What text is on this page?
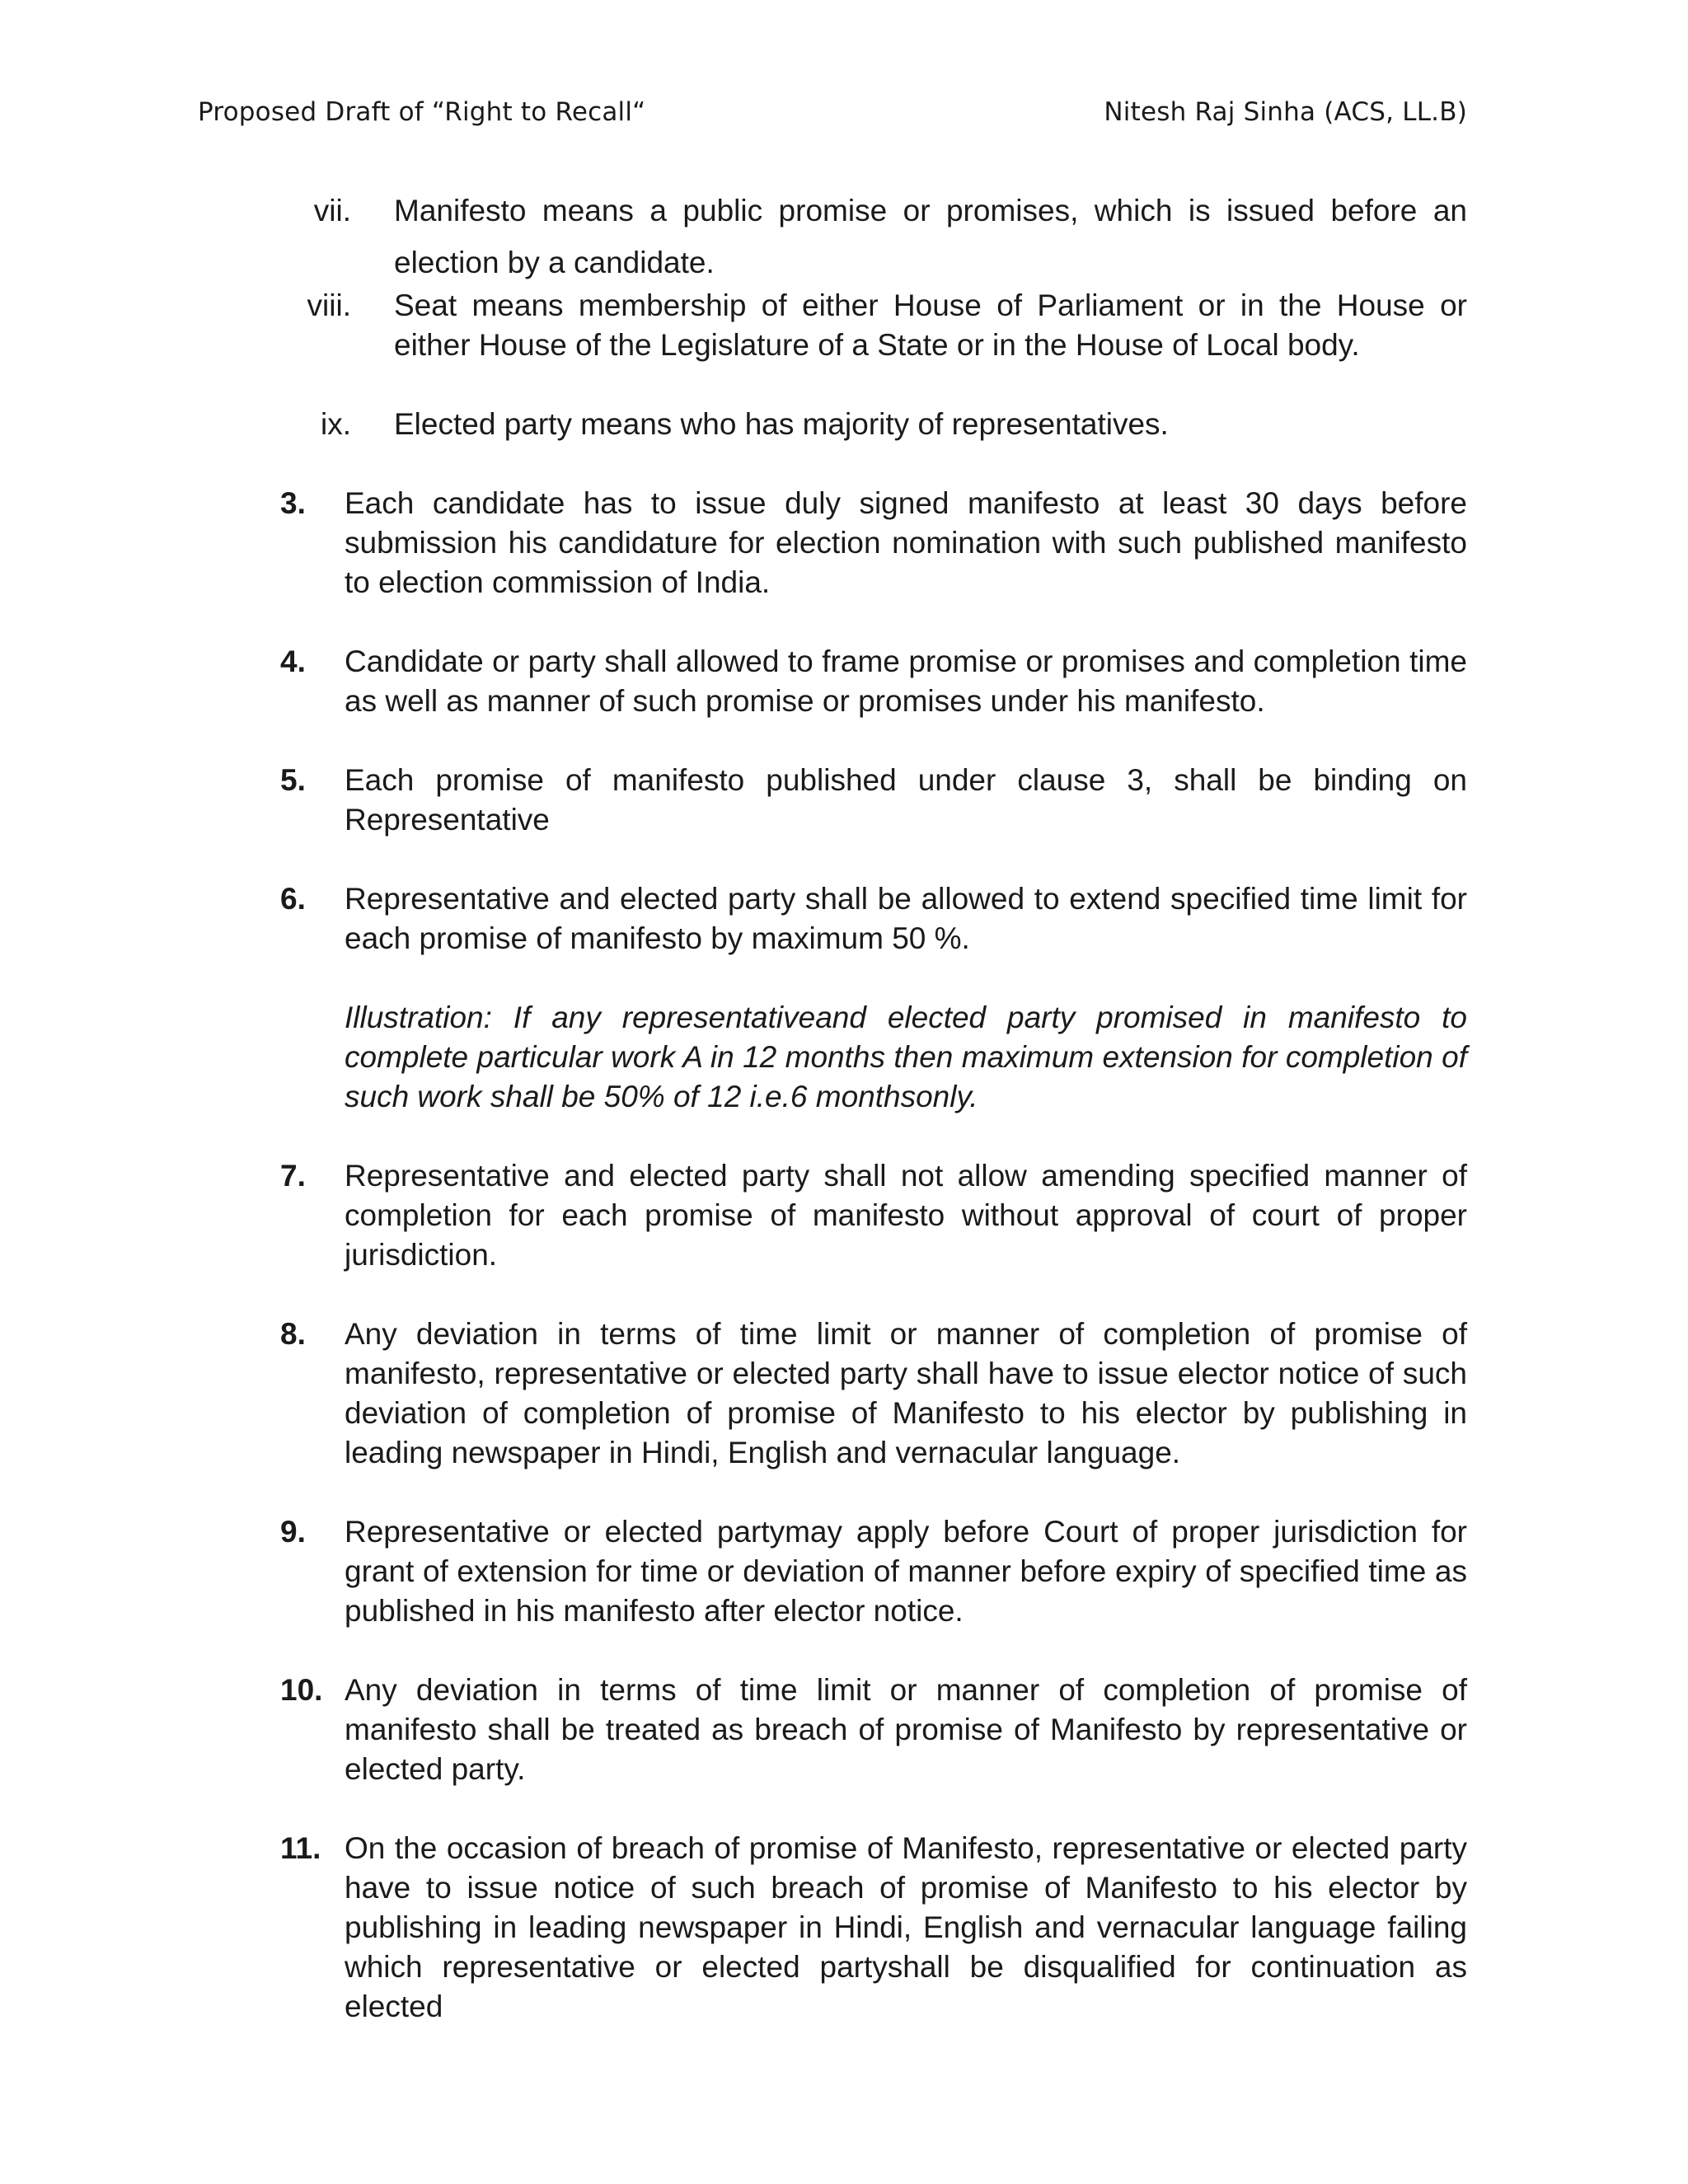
Proposed Draft of “Right to Recall“	Nitesh Raj Sinha (ACS, LL.B)
vii. Manifesto means a public promise or promises, which is issued before an election by a candidate.
viii. Seat means membership of either House of Parliament or in the House or either House of the Legislature of a State or in the House of Local body.
ix. Elected party means who has majority of representatives.
3.	Each candidate has to issue duly signed manifesto at least 30 days before submission his candidature for election nomination with such published manifesto to election commission of India.
4.	Candidate or party shall allowed to frame promise or promises and completion time as well as manner of such promise or promises under his manifesto.
5.	Each promise of manifesto published under clause 3, shall be binding on Representative
6.	Representative and elected party shall be allowed to extend specified time limit for each promise of manifesto by maximum 50 %.
Illustration: If any representativeand elected party promised in manifesto to complete particular work A in 12 months then maximum extension for completion of such work shall be 50% of 12 i.e.6 monthsonly.
7.	Representative and elected party shall not allow amending specified manner of completion for each promise of manifesto without approval of court of proper jurisdiction.
8.	Any deviation in terms of time limit or manner of completion of promise of manifesto, representative or elected party shall have to issue elector notice of such deviation of completion of promise of Manifesto to his elector by publishing in leading newspaper in Hindi, English and vernacular language.
9.	Representative or elected partymay apply before Court of proper jurisdiction for grant of extension for time or deviation of manner before expiry of specified time as published in his manifesto after elector notice.
10. Any deviation in terms of time limit or manner of completion of promise of manifesto shall be treated as breach of promise of Manifesto by representative or elected party.
11. On the occasion of breach of promise of Manifesto, representative or elected party have to issue notice of such breach of promise of Manifesto to his elector by publishing in leading newspaper in Hindi, English and vernacular language failing which representative or elected partyshall be disqualified for continuation as elected
